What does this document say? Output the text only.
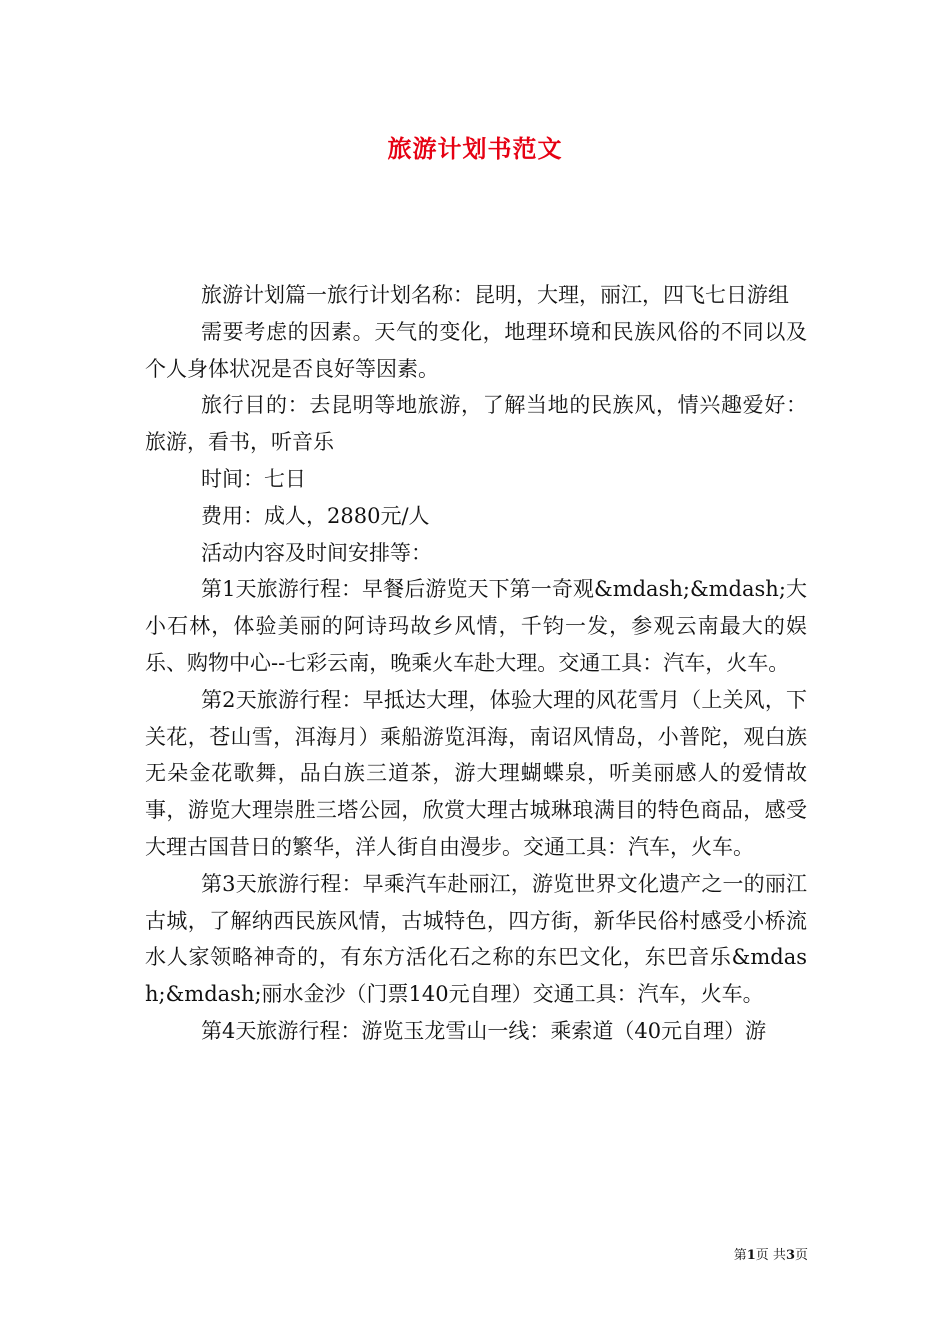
旅游计划书范文

旅游计划篇一旅行计划名称：昆明，大理，丽江，四飞七日游组

需要考虑的因素。天气的变化，地理环境和民族风俗的不同以及个人身体状况是否良好等因素。

旅行目的：去昆明等地旅游，了解当地的民族风，情兴趣爱好：旅游，看书，听音乐

时间：七日

费用：成人，2880元/人

活动内容及时间安排等：

第1天旅游行程：早餐后游览天下第一奇观&mdash;&mdash;大小石林，体验美丽的阿诗玛故乡风情，千钧一发，参观云南最大的娱乐、购物中心--七彩云南，晚乘火车赴大理。交通工具：汽车，火车。

第2天旅游行程：早抵达大理，体验大理的风花雪月（上关风，下关花，苍山雪，洱海月）乘船游览洱海，南诏风情岛，小普陀，观白族无朵金花歌舞，品白族三道茶，游大理蝴蝶泉，听美丽感人的爱情故事，游览大理崇胜三塔公园，欣赏大理古城琳琅满目的特色商品，感受大理古国昔日的繁华，洋人街自由漫步。交通工具：汽车，火车。

第3天旅游行程：早乘汽车赴丽江，游览世界文化遗产之一的丽江古城，了解纳西民族风情，古城特色，四方街，新华民俗村感受小桥流水人家领略神奇的，有东方活化石之称的东巴文化，东巴音乐&mdash;&mdash;丽水金沙（门票140元自理）交通工具：汽车，火车。

第4天旅游行程：游览玉龙雪山一线：乘索道（40元自理）游

第1页 共3页
